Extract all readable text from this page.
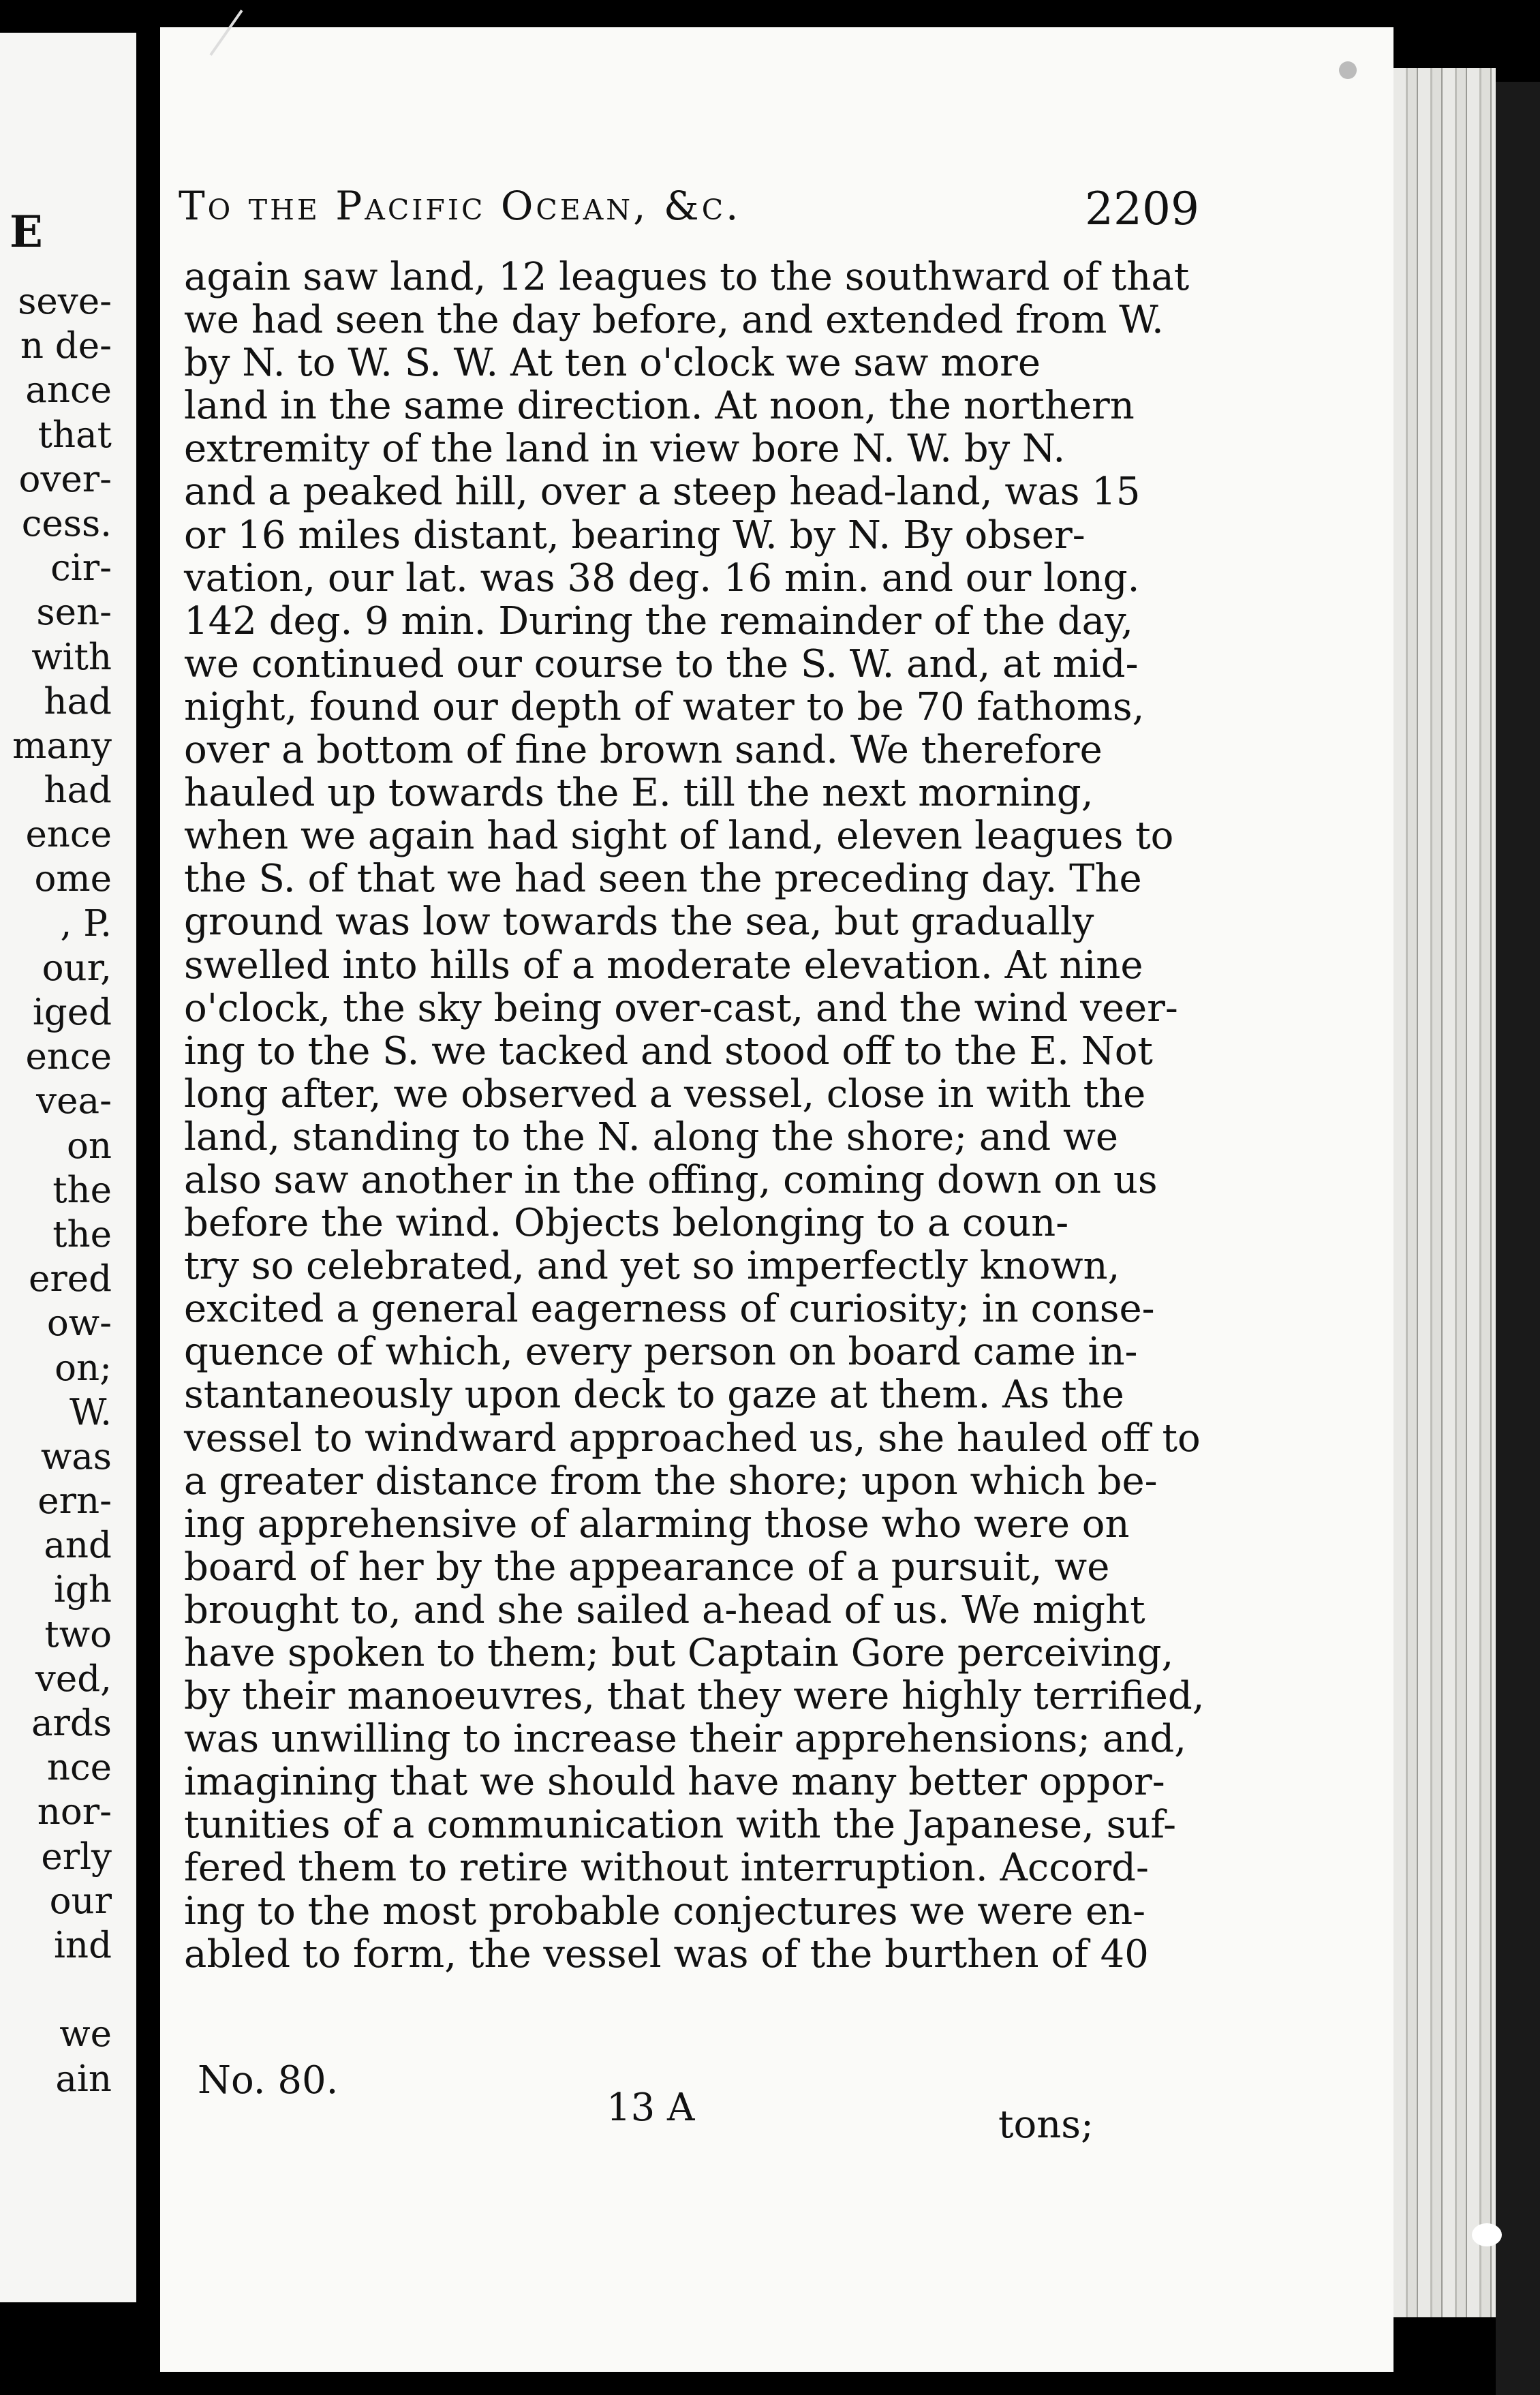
E
seve-
n de-
ance
that
over-
cess.
cir-
sen-
with
had
many
had
ence
ome
, P.
our,
iged
ence
vea-
on
the
the
ered
ow-
on;
W.
was
ern-
and
igh
two
ved,
ards
nce
nor-
erly
our
ind
we
ain
To the Pacific Ocean, &c.	2209
again saw land, 12 leagues to the southward of that
we had seen the day before, and extended from W.
by N. to W. S. W. At ten o'clock we saw more
land in the same direction. At noon, the northern
extremity of the land in view bore N. W. by N.
and a peaked hill, over a steep head-land, was 15
or 16 miles distant, bearing W. by N. By obser-
vation, our lat. was 38 deg. 16 min. and our long.
142 deg. 9 min. During the remainder of the day,
we continued our course to the S. W. and, at mid-
night, found our depth of water to be 70 fathoms,
over a bottom of fine brown sand. We therefore
hauled up towards the E. till the next morning,
when we again had sight of land, eleven leagues to
the S. of that we had seen the preceding day. The
ground was low towards the sea, but gradually
swelled into hills of a moderate elevation. At nine
o'clock, the sky being over-cast, and the wind veer-
ing to the S. we tacked and stood off to the E. Not
long after, we observed a vessel, close in with the
land, standing to the N. along the shore; and we
also saw another in the offing, coming down on us
before the wind. Objects belonging to a coun-
try so celebrated, and yet so imperfectly known,
excited a general eagerness of curiosity; in conse-
quence of which, every person on board came in-
stantaneously upon deck to gaze at them. As the
vessel to windward approached us, she hauled off to
a greater distance from the shore; upon which be-
ing apprehensive of alarming those who were on
board of her by the appearance of a pursuit, we
brought to, and she sailed a-head of us. We might
have spoken to them; but Captain Gore perceiving,
by their manoeuvres, that they were highly terrified,
was unwilling to increase their apprehensions; and,
imagining that we should have many better oppor-
tunities of a communication with the Japanese, suf-
fered them to retire without interruption. Accord-
ing to the most probable conjectures we were en-
abled to form, the vessel was of the burthen of 40
No. 80.
13 A	tons;
